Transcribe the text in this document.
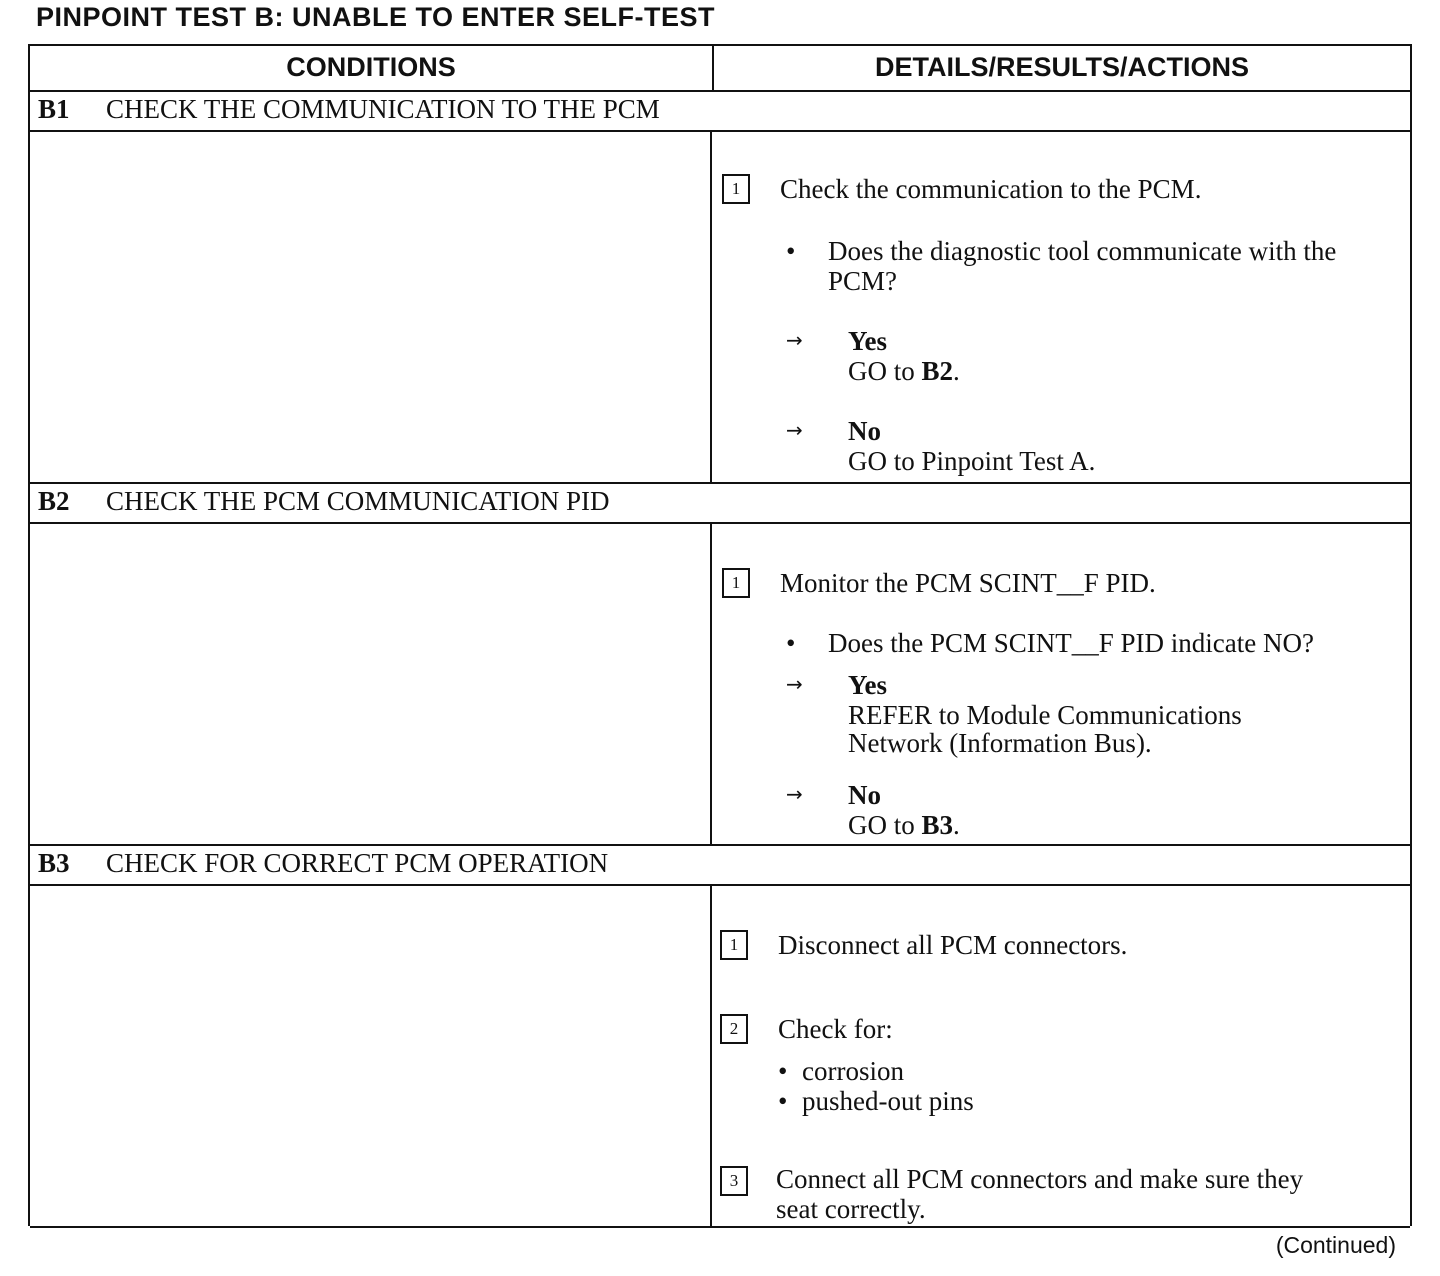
PINPOINT TEST B: UNABLE TO ENTER SELF-TEST
CONDITIONS	DETAILS/RESULTS/ACTIONS
B1 CHECK THE COMMUNICATION TO THE PCM
1	Check the communication to the PCM.
• Does the diagnostic tool communicate with the
PCM?
→ Yes
GO to B2.
→ No
GO to Pinpoint Test A.
B2 CHECK THE PCM COMMUNICATION PID
1	Monitor the PCM SCINT__F PID.
• Does the PCM SCINT__F PID indicate NO?
→ Yes
REFER to Module Communications
Network (Information Bus).
→ No
GO to B3.
B3 CHECK FOR CORRECT PCM OPERATION
1	Disconnect all PCM connectors.
2	Check for:
• corrosion
• pushed-out pins
3	Connect all PCM connectors and make sure they
seat correctly.
(Continued)
